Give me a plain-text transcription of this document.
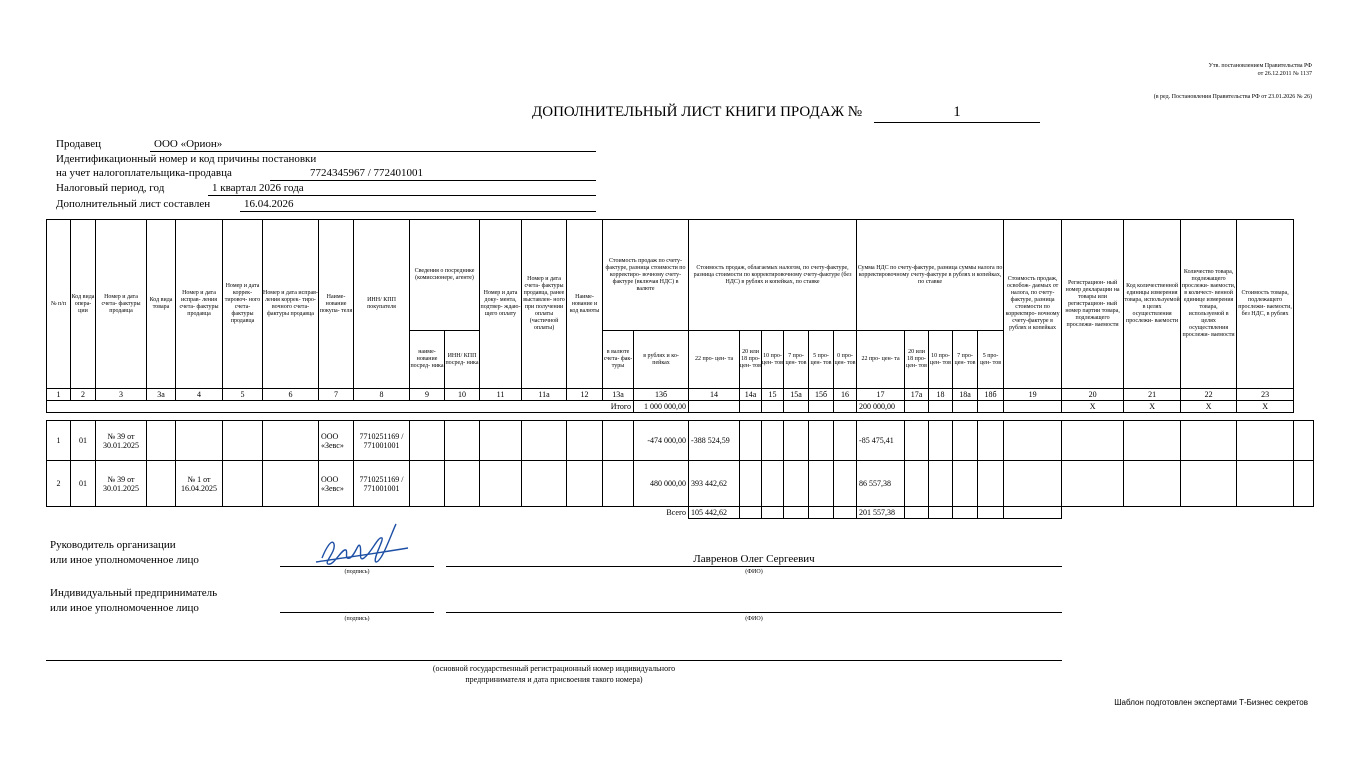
Утв. постановлением Правительства РФ
от 26.12.2011 № 1137
(в ред. Постановления Правительства РФ от 23.01.2026 № 26)
ДОПОЛНИТЕЛЬНЫЙ ЛИСТ КНИГИ ПРОДАЖ №	1
Продавец	ООО «Орион»
Идентификационный номер и код причины постановки
на учет налогоплательщика-продавца	7724345967 / 772401001
Налоговый период, год	1 квартал 2026 года
Дополнительный лист составлен	16.04.2026
№ п/п	Код вида опера- ции	Номер и дата счета- фактуры продавца	Код вида товара	Номер и дата исправ- ления счета- фактуры продавца	Номер и дата коррек- тировоч- ного счета- фактуры продавца	Номер и дата исправ- ления коррек- тиро- вочного счета- фактуры продавца	Наиме- нование покупа- теля	ИНН/ КПП покупателя	Сведения о посреднике (комиссионере, агенте)		Номер и дата доку- мента, подтвер- ждаю- щего оплату	Номер и дата счета- фактуры продавца, ранее выставлен- ного при получении оплаты (частичной оплаты)	Наиме- нование и код валюты	Стоимость продаж по счету- фактуре, разница стоимости по корректиро- вочному счету- фактуре (включая НДС) в валюте		Стоимость продаж, облагаемых налогом, по счету-фактуре, разница стоимости по корректировочному счету-фактуре (без НДС) в рублях и копейках, по ставке						Сумма НДС по счету-фактуре, разница суммы налога по корректировочному счету-фактуре в рублях и копейках, по ставке					Стоимость продаж, освобож- даемых от налога, по счету-фактуре, разница стоимости по корректиро- вочному счету-фактуре в рублях и копейках	Регистрацион- ный номер декларации на товары или регистрацион- ный номер партии товара, подлежащего прослежи- ваемости	Код количественной единицы измерения товара, используемой в целях осуществления прослежи- ваемости	Количество товара, подлежащего прослежи- ваемости, в количест- венной единице измерения товара, используемой в целях осуществления прослежи- ваемости	Стоимость товара, подлежащего прослежи- ваемости, без НДС, в рублях	
									наиме- нование посред- ника	ИНН/ КПП посред- ника				в валюте счета- фак- туры	в рублях и ко- пейках	22 про- цен- та	20 или 18 про- цен- тов	10 про- цен- тов	7 про- цен- тов	5 про- цен- тов	0 про- цен- тов	22 про- цен- та	20 или 18 про- цен- тов	10 про- цен- тов	7 про- цен- тов	5 про- цен- тов						
1	2	3	3а	4	5	6	7	8	9	10	11	11а	12	13а	13б	14	14а	15	15а	15б	16	17	17а	18	18а	18б	19	20	21	22	23	
Итого															1 000 000,00							200 000,00						X	X	X	X	

1	01	№ 39 от 30.01.2025					ООО «Зевс»	7710251169 / 771001001							-474 000,00	-388 524,59						-85 475,41										
2	01	№ 39 от 30.01.2025		№ 1 от 16.04.2025			ООО «Зевс»	7710251169 / 771001001							480 000,00	393 442,62						86 557,38										
Всего																105 442,62						201 557,38										
Руководитель организации
или иное уполномоченное лицо
(подпись)
Лавренов Олег Сергеевич
(ФИО)
Индивидуальный предприниматель
или иное уполномоченное лицо
(подпись)	(ФИО)
(основной государственный регистрационный номер индивидуального
предпринимателя и дата присвоения такого номера)
Шаблон подготовлен экспертами Т-Бизнес секретов
